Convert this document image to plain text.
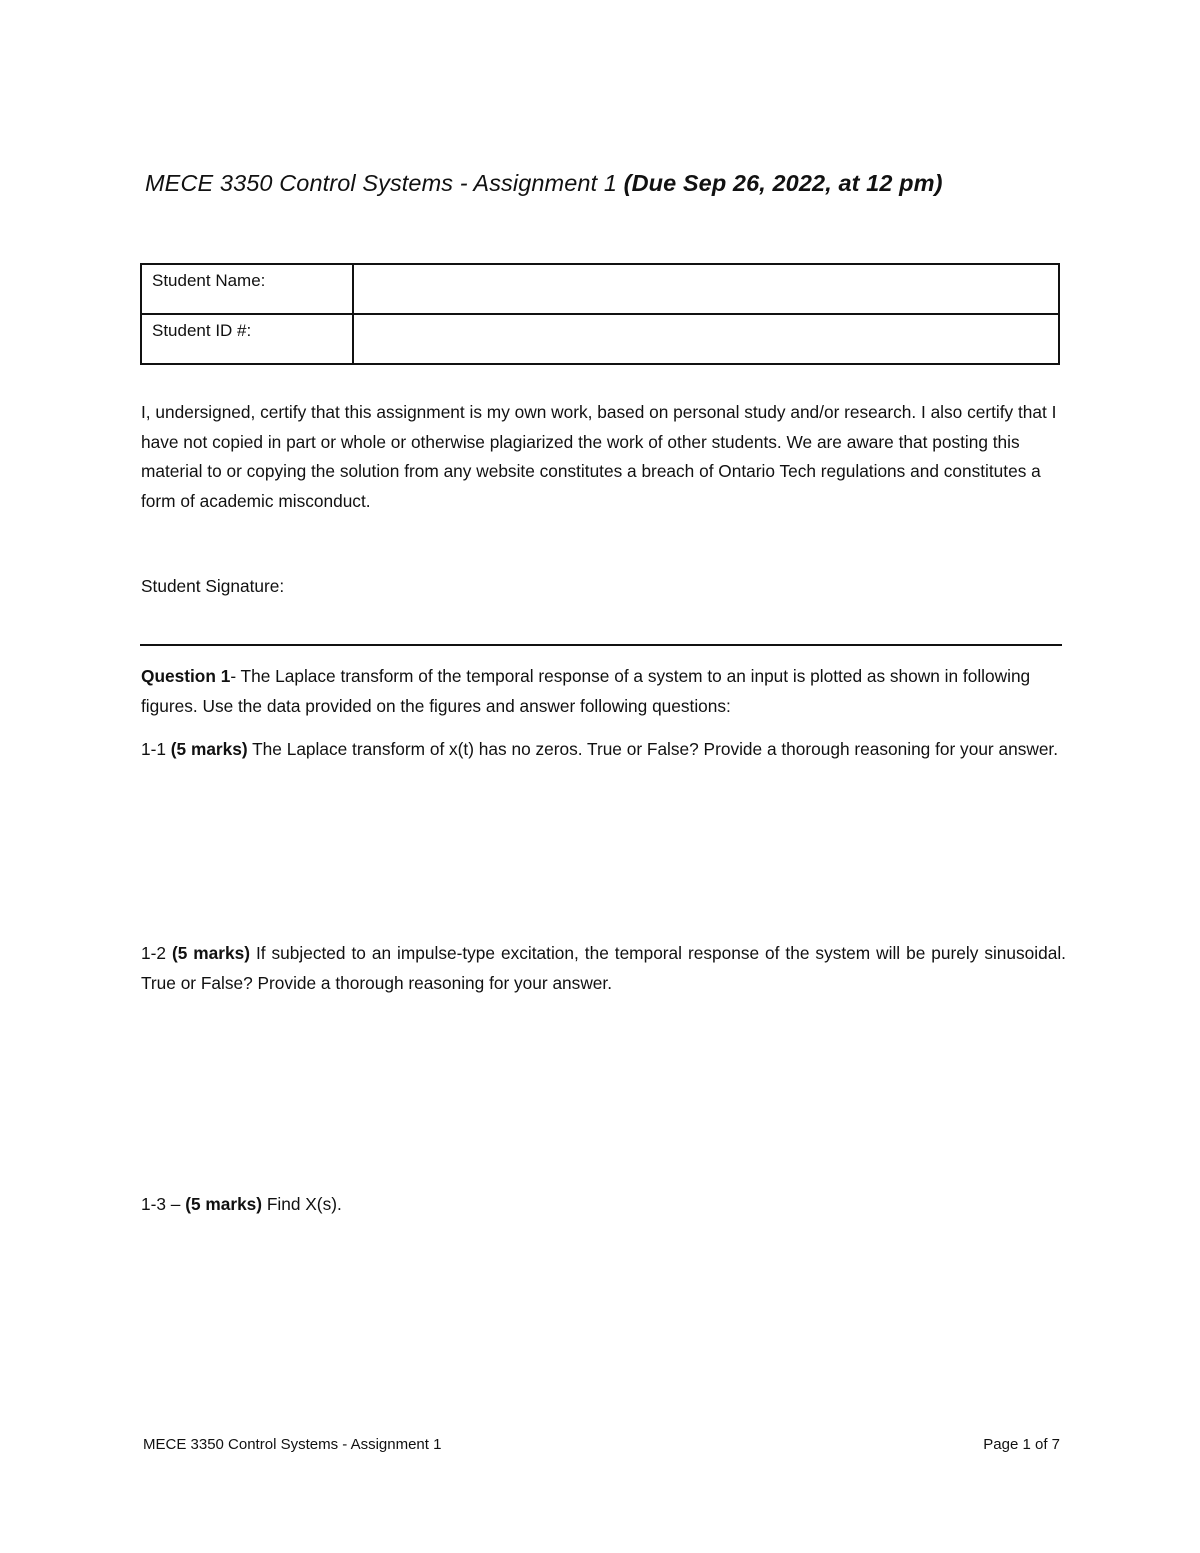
MECE 3350 Control Systems - Assignment 1 (Due Sep 26, 2022, at 12 pm)
Student Name:	
Student ID #:	

I, undersigned, certify that this assignment is my own work, based on personal study and/or research. I also certify that I have not copied in part or whole or otherwise plagiarized the work of other students. We are aware that posting this material to or copying the solution from any website constitutes a breach of Ontario Tech regulations and constitutes a form of academic misconduct.

Student Signature:

Question 1- The Laplace transform of the temporal response of a system to an input is plotted as shown in following figures. Use the data provided on the figures and answer following questions:

1-1 (5 marks) The Laplace transform of x(t) has no zeros. True or False? Provide a thorough reasoning for your answer.

1-2 (5 marks) If subjected to an impulse-type excitation, the temporal response of the system will be purely sinusoidal. True or False? Provide a thorough reasoning for your answer.

1-3 – (5 marks) Find X(s).

MECE 3350 Control Systems - Assignment 1	Page 1 of 7
